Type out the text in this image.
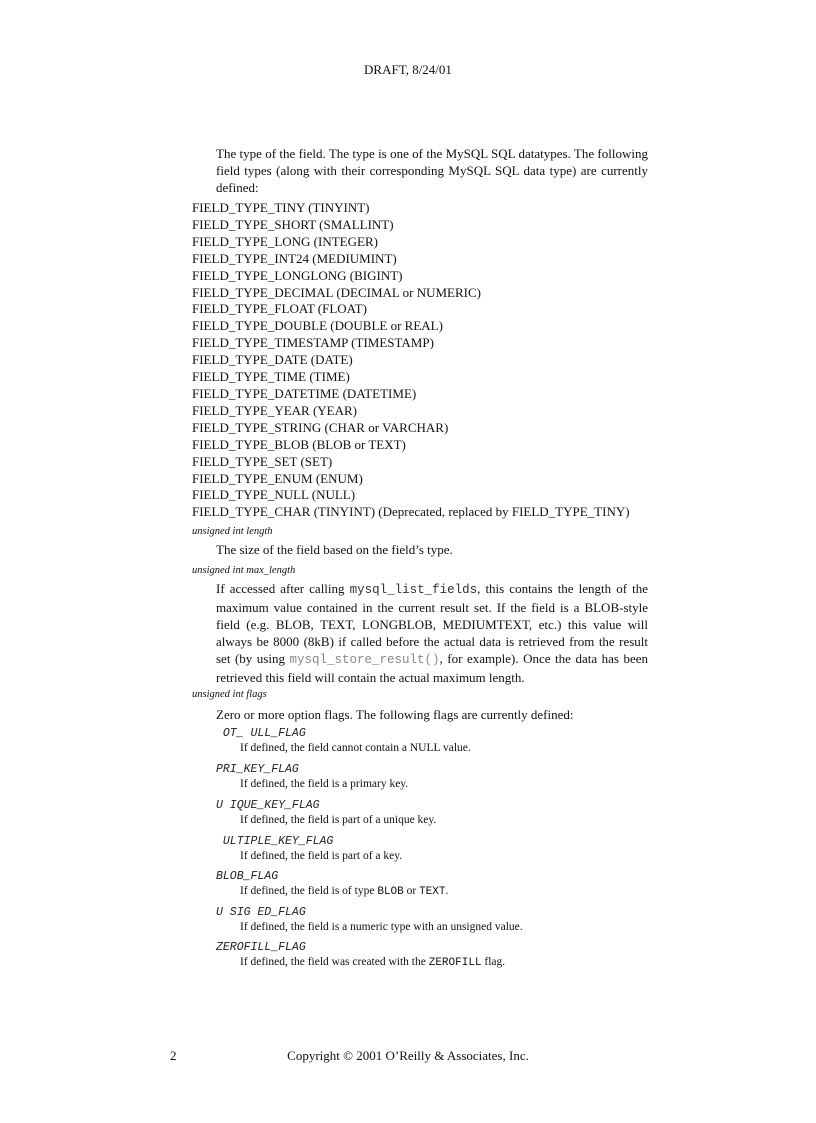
DRAFT, 8/24/01
The type of the field. The type is one of the MySQL SQL datatypes. The following field types (along with their corresponding MySQL SQL data type) are currently defined:
FIELD_TYPE_TINY (TINYINT)
FIELD_TYPE_SHORT (SMALLINT)
FIELD_TYPE_LONG (INTEGER)
FIELD_TYPE_INT24 (MEDIUMINT)
FIELD_TYPE_LONGLONG (BIGINT)
FIELD_TYPE_DECIMAL (DECIMAL or NUMERIC)
FIELD_TYPE_FLOAT (FLOAT)
FIELD_TYPE_DOUBLE (DOUBLE or REAL)
FIELD_TYPE_TIMESTAMP (TIMESTAMP)
FIELD_TYPE_DATE (DATE)
FIELD_TYPE_TIME (TIME)
FIELD_TYPE_DATETIME (DATETIME)
FIELD_TYPE_YEAR (YEAR)
FIELD_TYPE_STRING (CHAR or VARCHAR)
FIELD_TYPE_BLOB (BLOB or TEXT)
FIELD_TYPE_SET (SET)
FIELD_TYPE_ENUM (ENUM)
FIELD_TYPE_NULL (NULL)
FIELD_TYPE_CHAR (TINYINT) (Deprecated, replaced by FIELD_TYPE_TINY)
unsigned int length
The size of the field based on the field’s type.
unsigned int max_length
If accessed after calling mysql_list_fields, this contains the length of the maximum value contained in the current result set. If the field is a BLOB-style field (e.g. BLOB, TEXT, LONGBLOB, MEDIUMTEXT, etc.) this value will always be 8000 (8kB) if called before the actual data is retrieved from the result set (by using mysql_store_result(), for example). Once the data has been retrieved this field will contain the actual maximum length.
unsigned int flags
Zero or more option flags. The following flags are currently defined:
OT_ ULL_FLAG
If defined, the field cannot contain a NULL value.
PRI_KEY_FLAG
If defined, the field is a primary key.
U IQUE_KEY_FLAG
If defined, the field is part of a unique key.
ULTIPLE_KEY_FLAG
If defined, the field is part of a key.
BLOB_FLAG
If defined, the field is of type BLOB or TEXT.
U SIG ED_FLAG
If defined, the field is a numeric type with an unsigned value.
ZEROFILL_FLAG
If defined, the field was created with the ZEROFILL flag.
Copyright © 2001 O’Reilly & Associates, Inc.
2
